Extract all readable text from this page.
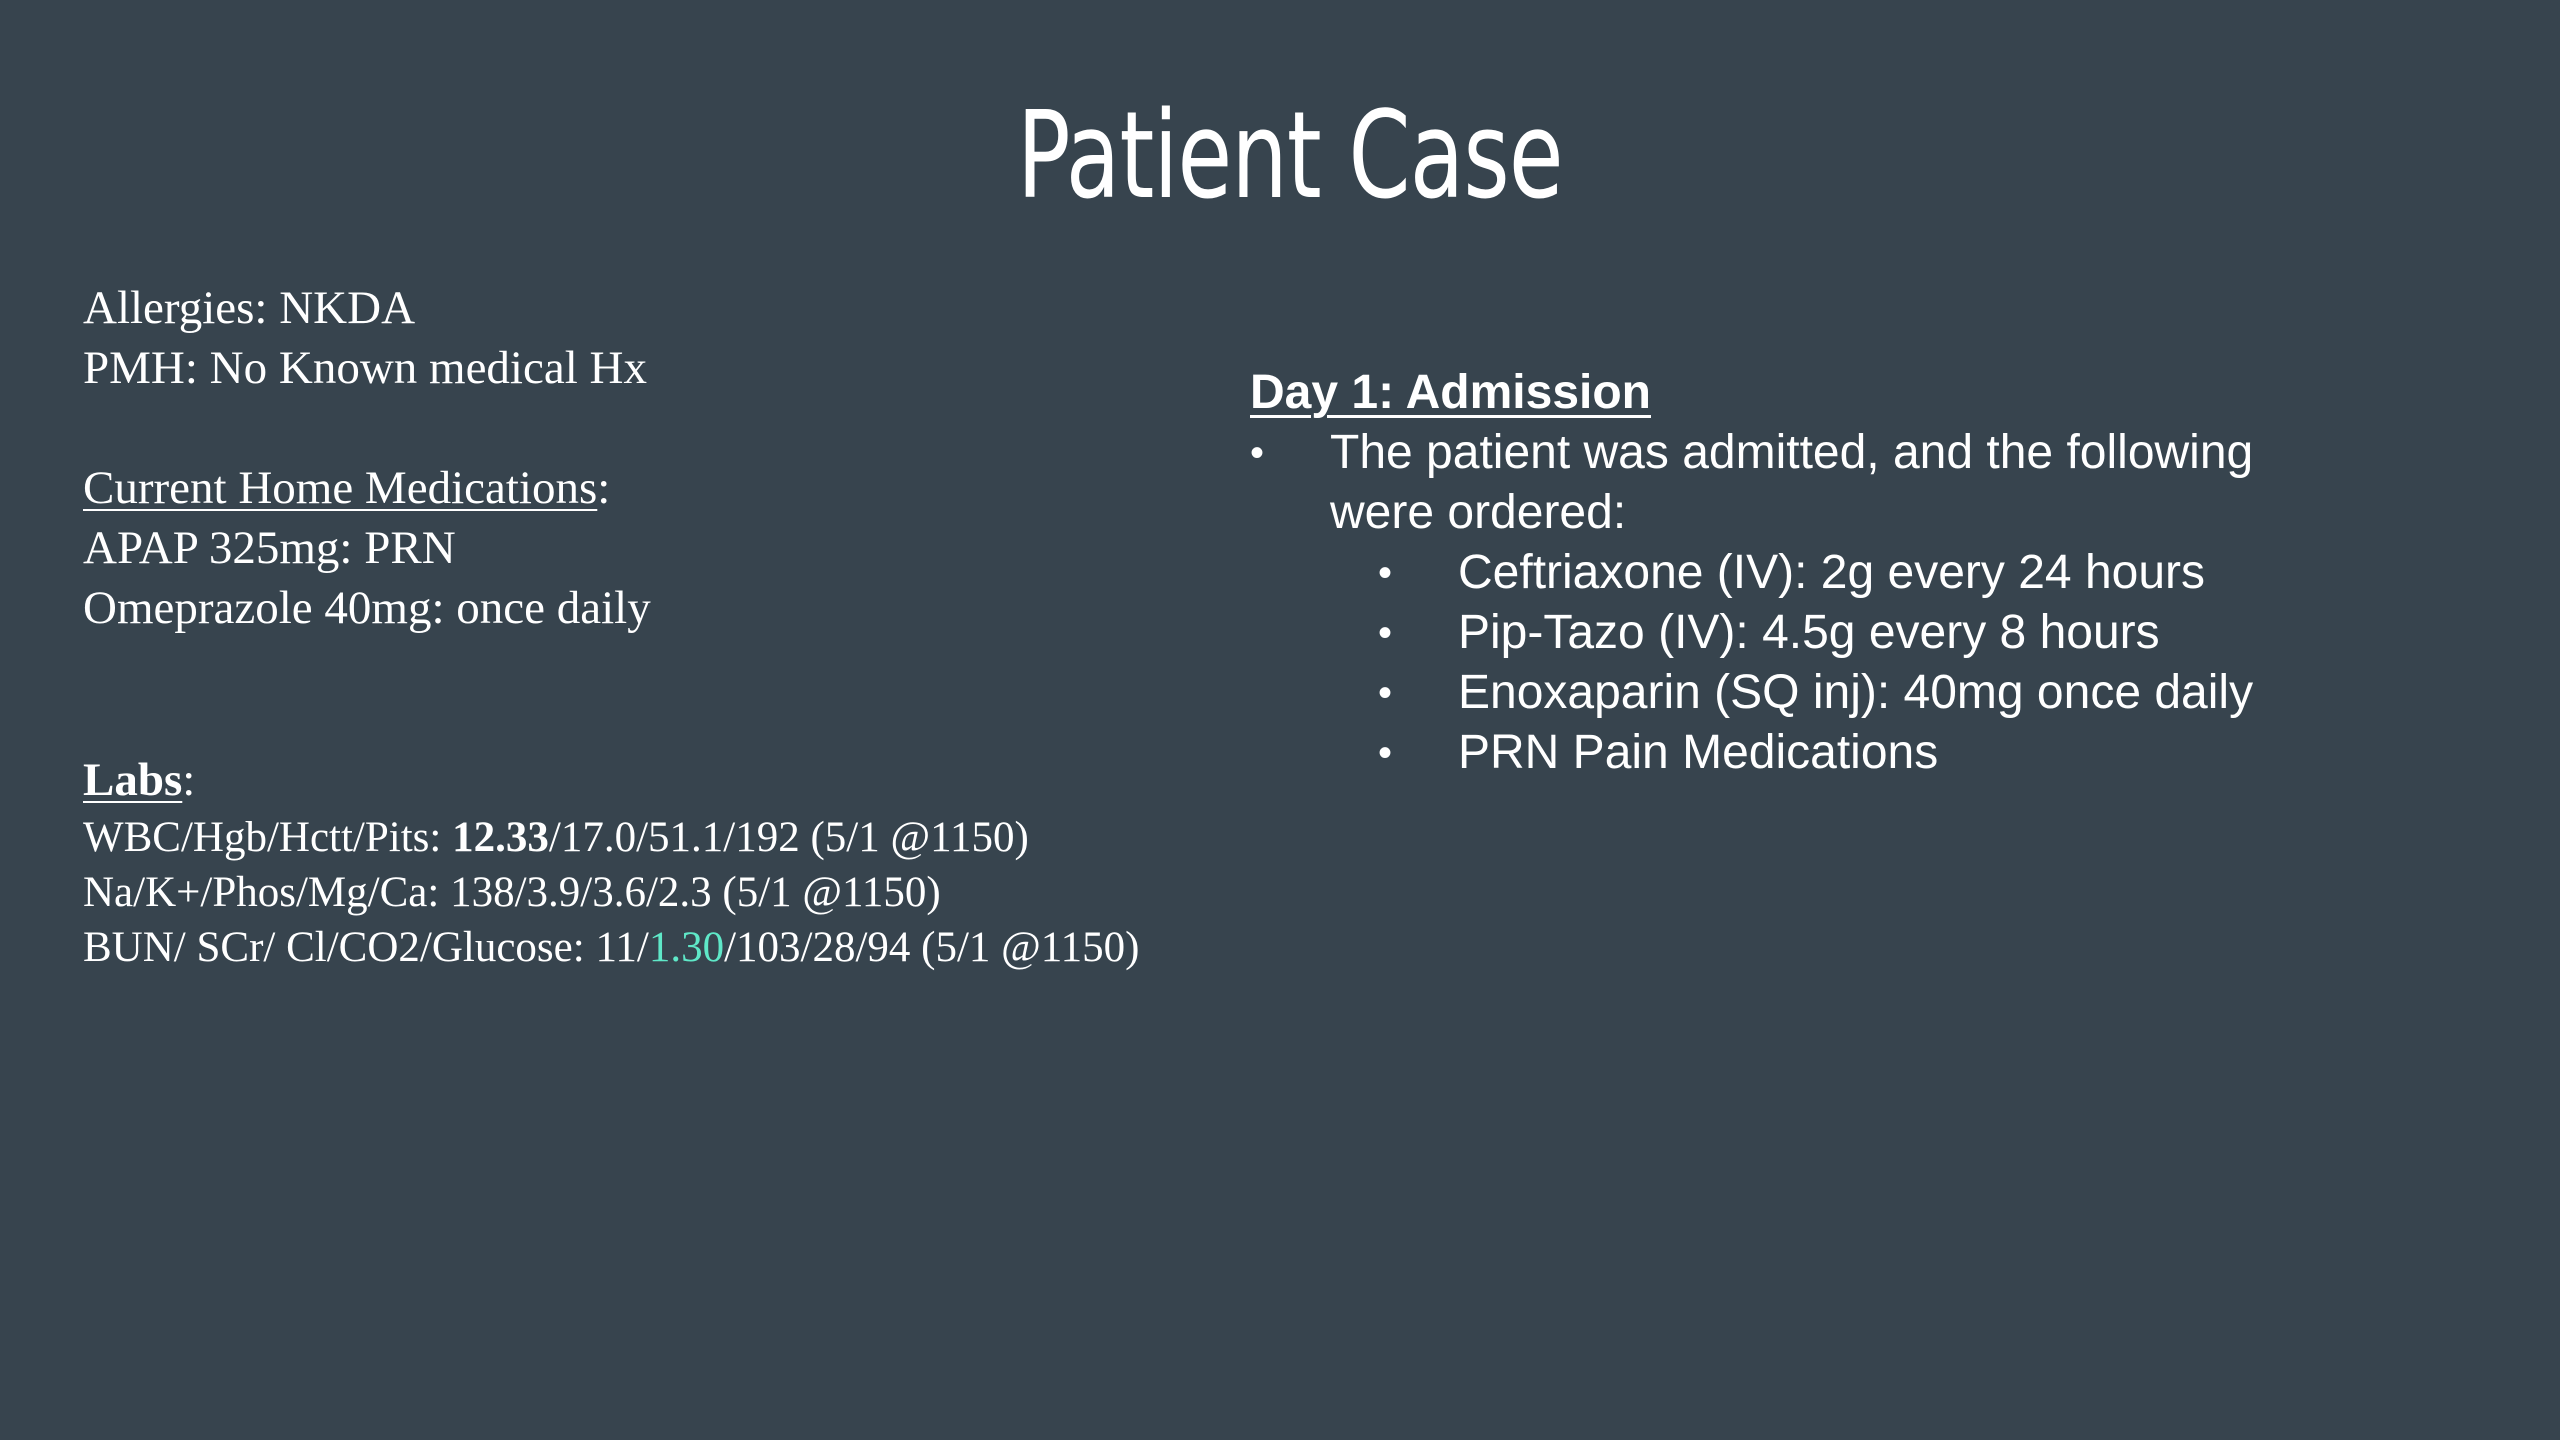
Patient Case
Allergies: NKDA
PMH: No Known medical Hx
Current Home Medications:
APAP 325mg: PRN
Omeprazole 40mg: once daily
Labs:
WBC/Hgb/Hctt/Pits: 12.33/17.0/51.1/192 (5/1 @1150)
Na/K+/Phos/Mg/Ca: 138/3.9/3.6/2.3 (5/1 @1150)
BUN/ SCr/ Cl/CO2/Glucose: 11/1.30/103/28/94 (5/1 @1150)
Day 1: Admission
• The patient was admitted, and the following were ordered:
• Ceftriaxone (IV): 2g every 24 hours
• Pip-Tazo (IV): 4.5g every 8 hours
• Enoxaparin (SQ inj): 40mg once daily
• PRN Pain Medications
